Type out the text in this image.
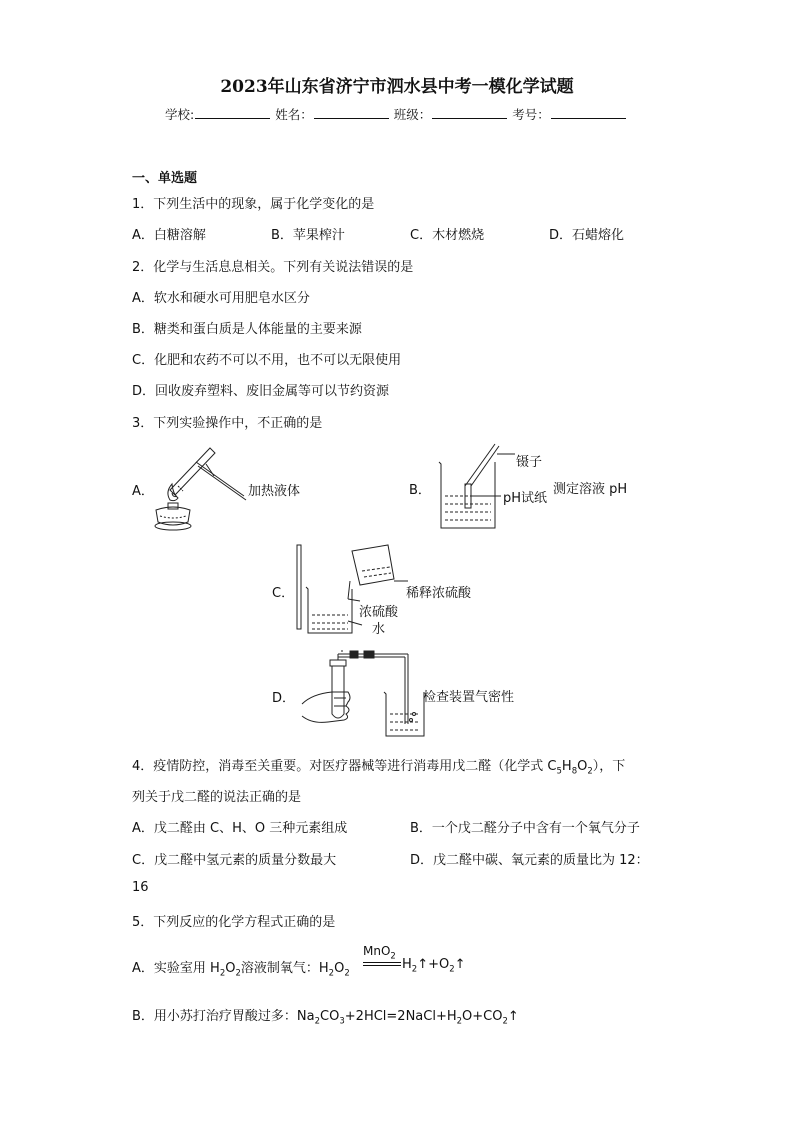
2023年山东省济宁市泗水县中考一模化学试题
学校:	姓名：	班级：	考号：
一、单选题
1．下列生活中的现象，属于化学变化的是
A．白糖溶解	B．苹果榨汁	C．木材燃烧	D．石蜡熔化
2．化学与生活息息相关。下列有关说法错误的是
A．软水和硬水可用肥皂水区分
B．糖类和蛋白质是人体能量的主要来源
C．化肥和农药不可以不用，也不可以无限使用
D．回收废弃塑料、废旧金属等可以节约资源
3．下列实验操作中，不正确的是
A．	加热液体	B．
镊子
pH试纸
测定溶液 pH
C．	稀释浓硫酸
浓硫酸
水
D．	检查装置气密性
4．疫情防控，消毒至关重要。对医疗器械等进行消毒用戊二醛（化学式 $C_5H_8O_2$），下
列关于戊二醛的说法正确的是
A．戊二醛由 C、H、O 三种元素组成	B．一个戊二醛分子中含有一个氧气分子
C．戊二醛中氢元素的质量分数最大	D．戊二醛中碳、氧元素的质量比为 12：
16
5．下列反应的化学方程式正确的是
MnO$_2$
A．实验室用 $H_2O_2$溶液制氧气：$H_2O_2$
$H_2↑+O_2↑$
B．用小苏打治疗胃酸过多：$Na_2CO_3+2HCl=2NaCl+H_2O+CO_2↑$
